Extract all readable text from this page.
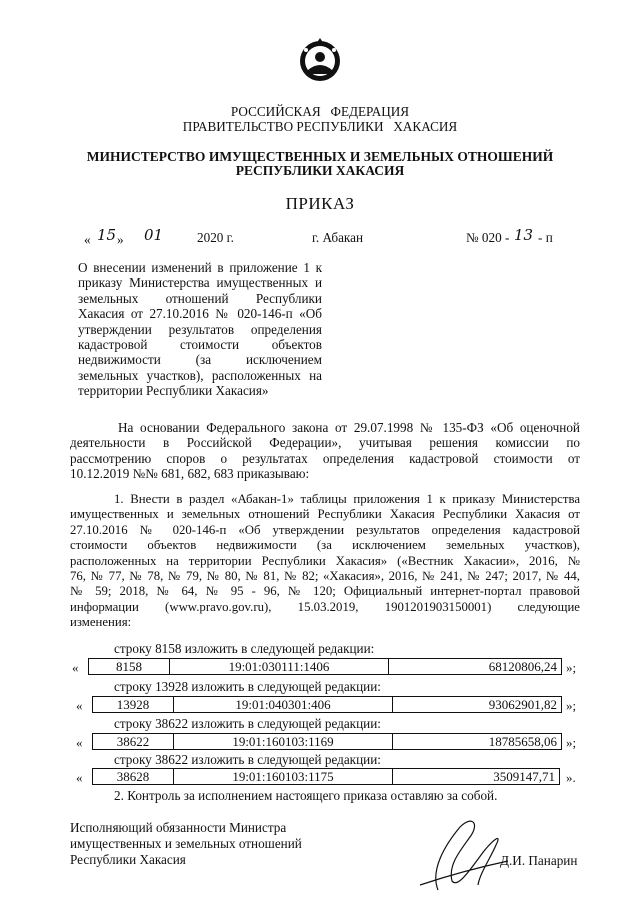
РОССИЙСКАЯ   ФЕДЕРАЦИЯ
ПРАВИТЕЛЬСТВО РЕСПУБЛИКИ   ХАКАСИЯ
МИНИСТЕРСТВО ИМУЩЕСТВЕННЫХ И ЗЕМЕЛЬНЫХ ОТНОШЕНИЙ
РЕСПУБЛИКИ ХАКАСИЯ
ПРИКАЗ
« 15 » 01	2020 г.	г. Абакан	№ 020 - 13 - п
О внесении изменений в приложение 1 к
приказу Министерства имущественных и
земельных отношений Республики
Хакасия от 27.10.2016 № 020-146-п «Об
утверждении результатов определения
кадастровой стоимости объектов
недвижимости (за исключением
земельных участков), расположенных на
территории Республики Хакасия»
На основании Федерального закона от 29.07.1998 № 135-ФЗ «Об оценочной
деятельности в Российской Федерации», учитывая решения комиссии по
рассмотрению споров о результатах определения кадастровой стоимости от
10.12.2019 №№ 681, 682, 683 приказываю:
1. Внести в раздел «Абакан-1» таблицы приложения 1 к приказу Министерства
имущественных и земельных отношений Республики Хакасия Республики Хакасия от
27.10.2016 № 020-146-п «Об утверждении результатов определения кадастровой
стоимости объектов недвижимости (за исключением земельных участков),
расположенных на территории Республики Хакасия» («Вестник Хакасии», 2016, №
76, № 77, № 78, № 79, № 80, № 81, № 82; «Хакасия», 2016, № 241, № 247; 2017, № 44,
№ 59; 2018, № 64, № 95 - 96, № 120; Официальный интернет-портал правовой
информации (www.pravo.gov.ru), 15.03.2019, 1901201903150001) следующие
изменения:
строку 8158 изложить в следующей редакции:
«	8158	19:01:030111:1406	68120806,24 »;
строку 13928 изложить в следующей редакции:
«	13928	19:01:040301:406	93062901,82 »;
строку 38622 изложить в следующей редакции:
«	38622	19:01:160103:1169	18785658,06 »;
строку 38622 изложить в следующей редакции:
«	38628	19:01:160103:1175	3509147,71 ».
2. Контроль за исполнением настоящего приказа оставляю за собой.
Исполняющий обязанности Министра
имущественных и земельных отношений
Республики Хакасия	Д.И. Панарин
